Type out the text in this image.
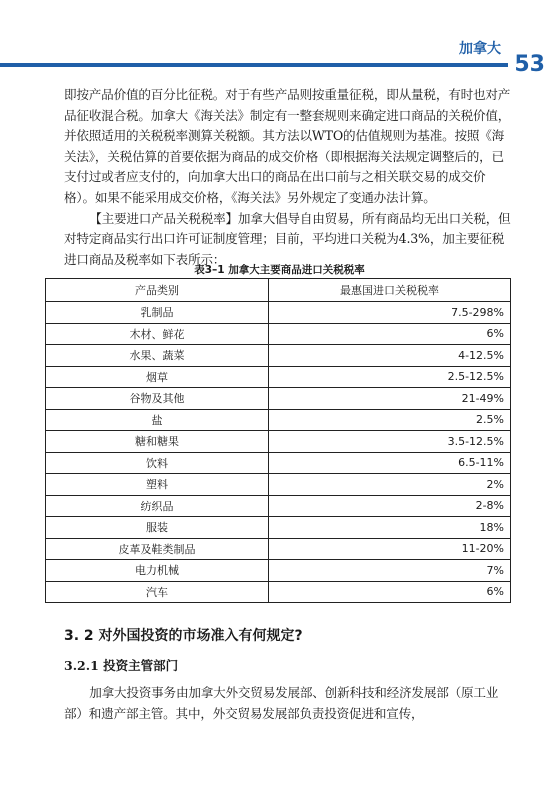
加拿大
53

即按产品价值的百分比征税。对于有些产品则按重量征税，即从量税，有时也对产品征收混合税。加拿大《海关法》制定有一整套规则来确定进口商品的关税价值，并依照适用的关税税率测算关税额。其方法以WTO的估值规则为基准。按照《海关法》，关税估算的首要依据为商品的成交价格（即根据海关法规定调整后的，已支付过或者应支付的，向加拿大出口的商品在出口前与之相关联交易的成交价格）。如果不能采用成交价格，《海关法》另外规定了变通办法计算。

【主要进口产品关税税率】加拿大倡导自由贸易，所有商品均无出口关税，但对特定商品实行出口许可证制度管理；目前，平均进口关税为4.3%，加主要征税进口商品及税率如下表所示：

表3–1 加拿大主要商品进口关税税率
产品类别	最惠国进口关税税率
乳制品	7.5-298%
木材、鲜花	6%
水果、蔬菜	4-12.5%
烟草	2.5-12.5%
谷物及其他	21-49%
盐	2.5%
糖和糖果	3.5-12.5%
饮料	6.5-11%
塑料	2%
纺织品	2-8%
服装	18%
皮革及鞋类制品	11-20%
电力机械	7%
汽车	6%
3. 2 对外国投资的市场准入有何规定?
3.2.1 投资主管部门

加拿大投资事务由加拿大外交贸易发展部、创新科技和经济发展部（原工业部）和遗产部主管。其中，外交贸易发展部负责投资促进和宣传，
